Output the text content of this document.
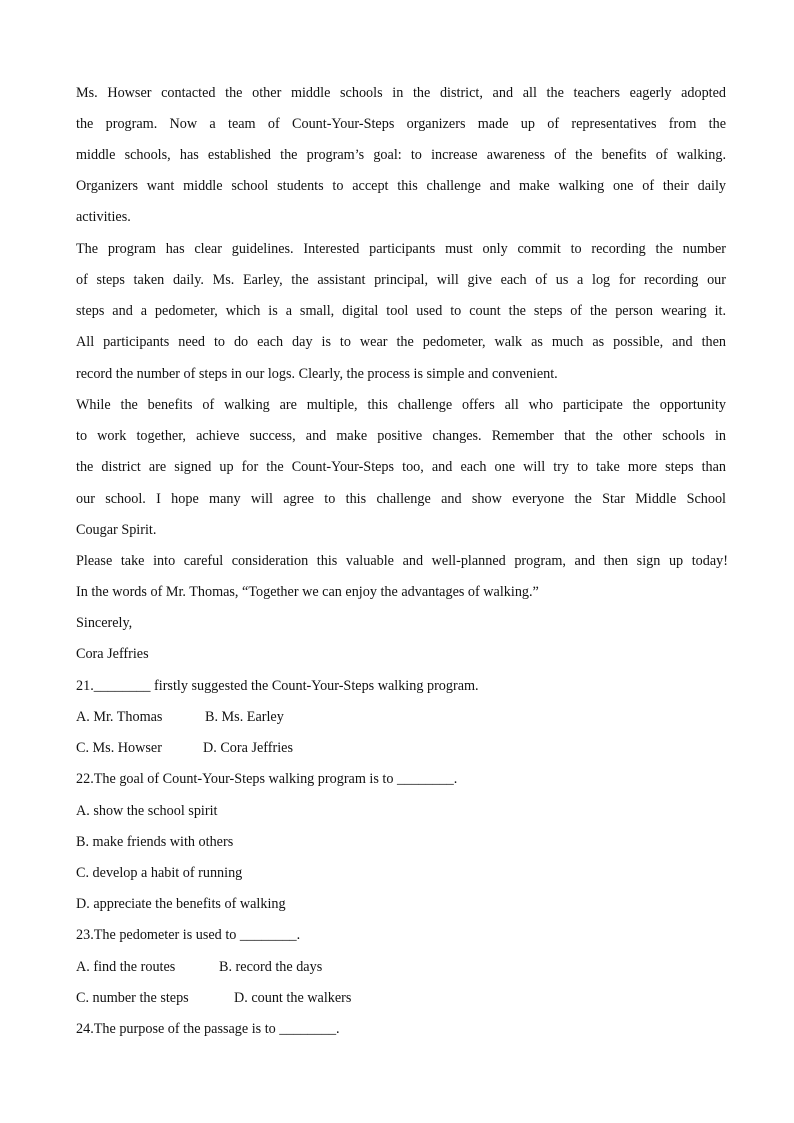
Ms. Howser contacted the other middle schools in the district, and all the teachers eagerly adopted
the program. Now a team of Count-Your-Steps organizers made up of representatives from the
middle schools, has established the program’s goal: to increase awareness of the benefits of walking.
Organizers want middle school students to accept this challenge and make walking one of their daily
activities.
The program has clear guidelines. Interested participants must only commit to recording the number
of steps taken daily. Ms. Earley, the assistant principal, will give each of us a log for recording our
steps and a pedometer, which is a small, digital tool used to count the steps of the person wearing it.
All participants need to do each day is to wear the pedometer, walk as much as possible, and then
record the number of steps in our logs. Clearly, the process is simple and convenient.
While the benefits of walking are multiple, this challenge offers all who participate the opportunity
to work together, achieve success, and make positive changes. Remember that the other schools in
the district are signed up for the Count-Your-Steps too, and each one will try to take more steps than
our school. I hope many will agree to this challenge and show everyone the Star Middle School
Cougar Spirit.
Please take into careful consideration this valuable and well-planned program, and then sign up today!
In the words of Mr. Thomas, “Together we can enjoy the advantages of walking.”
Sincerely,
Cora Jeffries
21.________ firstly suggested the Count-Your-Steps walking program.
A. Mr. Thomas	B. Ms. Earley
C. Ms. Howser	D. Cora Jeffries
22.The goal of Count-Your-Steps walking program is to ________.
A. show the school spirit
B. make friends with others
C. develop a habit of running
D. appreciate the benefits of walking
23.The pedometer is used to ________.
A. find the routes	B. record the days
C. number the steps	D. count the walkers
24.The purpose of the passage is to ________.
